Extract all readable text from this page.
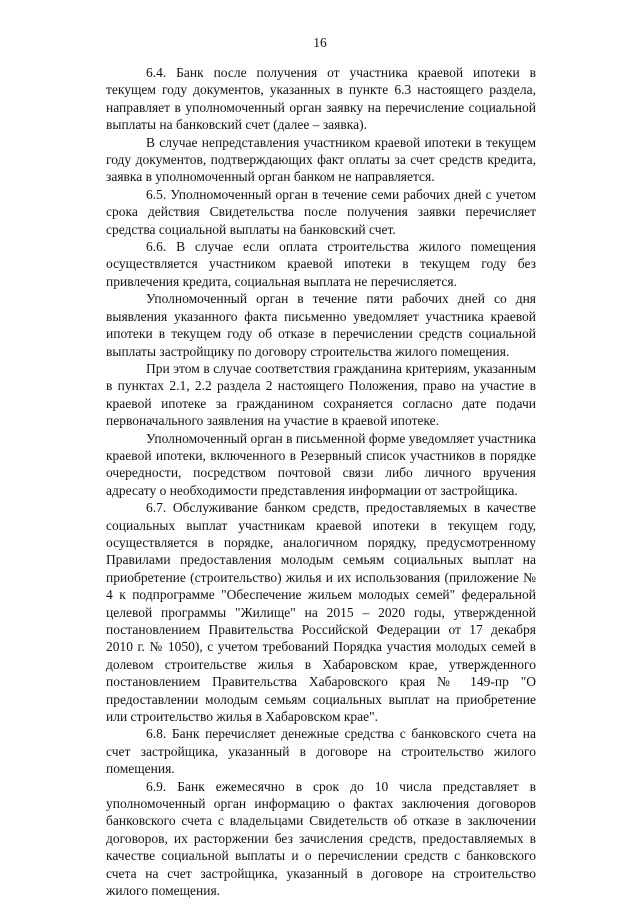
16

6.4. Банк после получения от участника краевой ипотеки в текущем году документов, указанных в пункте 6.3 настоящего раздела, направляет в уполномоченный орган заявку на перечисление социальной выплаты на банковский счет (далее – заявка).

В случае непредставления участником краевой ипотеки в текущем году документов, подтверждающих факт оплаты за счет средств кредита, заявка в уполномоченный орган банком не направляется.

6.5. Уполномоченный орган в течение семи рабочих дней с учетом срока действия Свидетельства после получения заявки перечисляет средства социальной выплаты на банковский счет.

6.6. В случае если оплата строительства жилого помещения осуществляется участником краевой ипотеки в текущем году без привлечения кредита, социальная выплата не перечисляется.

Уполномоченный орган в течение пяти рабочих дней со дня выявления указанного факта письменно уведомляет участника краевой ипотеки в текущем году об отказе в перечислении средств социальной выплаты застройщику по договору строительства жилого помещения.

При этом в случае соответствия гражданина критериям, указанным в пунктах 2.1, 2.2 раздела 2 настоящего Положения, право на участие в краевой ипотеке за гражданином сохраняется согласно дате подачи первоначального заявления на участие в краевой ипотеке.

Уполномоченный орган в письменной форме уведомляет участника краевой ипотеки, включенного в Резервный список участников в порядке очередности, посредством почтовой связи либо личного вручения адресату о необходимости представления информации от застройщика.

6.7. Обслуживание банком средств, предоставляемых в качестве социальных выплат участникам краевой ипотеки в текущем году, осуществляется в порядке, аналогичном порядку, предусмотренному Правилами предоставления молодым семьям социальных выплат на приобретение (строительство) жилья и их использования (приложение № 4 к подпрограмме "Обеспечение жильем молодых семей" федеральной целевой программы "Жилище" на 2015 – 2020 годы, утвержденной постановлением Правительства Российской Федерации от 17 декабря 2010 г. № 1050), с учетом требований Порядка участия молодых семей в долевом строительстве жилья в Хабаровском крае, утвержденного постановлением Правительства Хабаровского края № 149-пр "О предоставлении молодым семьям социальных выплат на приобретение или строительство жилья в Хабаровском крае".

6.8. Банк перечисляет денежные средства с банковского счета на счет застройщика, указанный в договоре на строительство жилого помещения.

6.9. Банк ежемесячно в срок до 10 числа представляет в уполномоченный орган информацию о фактах заключения договоров банковского счета с владельцами Свидетельств об отказе в заключении договоров, их расторжении без зачисления средств, предоставляемых в качестве социальной выплаты и о перечислении средств с банковского счета на счет застройщика, указанный в договоре на строительство жилого помещения.
